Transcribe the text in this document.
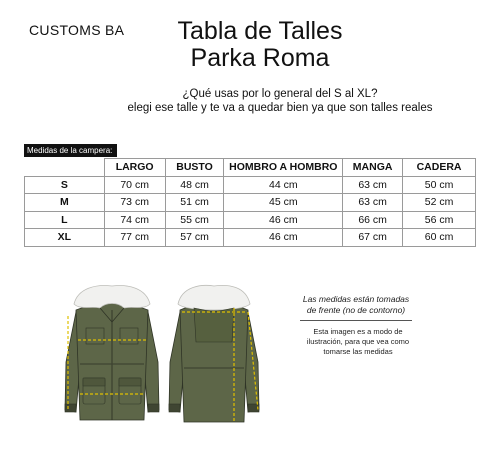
CUSTOMS BA	Tabla de Talles
Parka Roma
¿Qué usas por lo general del S al XL?
elegi ese talle y te va a quedar bien ya que son talles reales
Medidas de la campera:
	LARGO	BUSTO	HOMBRO A HOMBRO	MANGA	CADERA
S	70 cm	48 cm	44 cm	63 cm	50 cm
M	73 cm	51 cm	45 cm	63 cm	52 cm
L	74 cm	55 cm	46 cm	66 cm	56 cm
XL	77 cm	57 cm	46 cm	67 cm	60 cm
Las medidas están tomadas
de frente (no de contorno)
Esta imagen es a modo de
ilustración, para que vea como
tomarse las medidas
